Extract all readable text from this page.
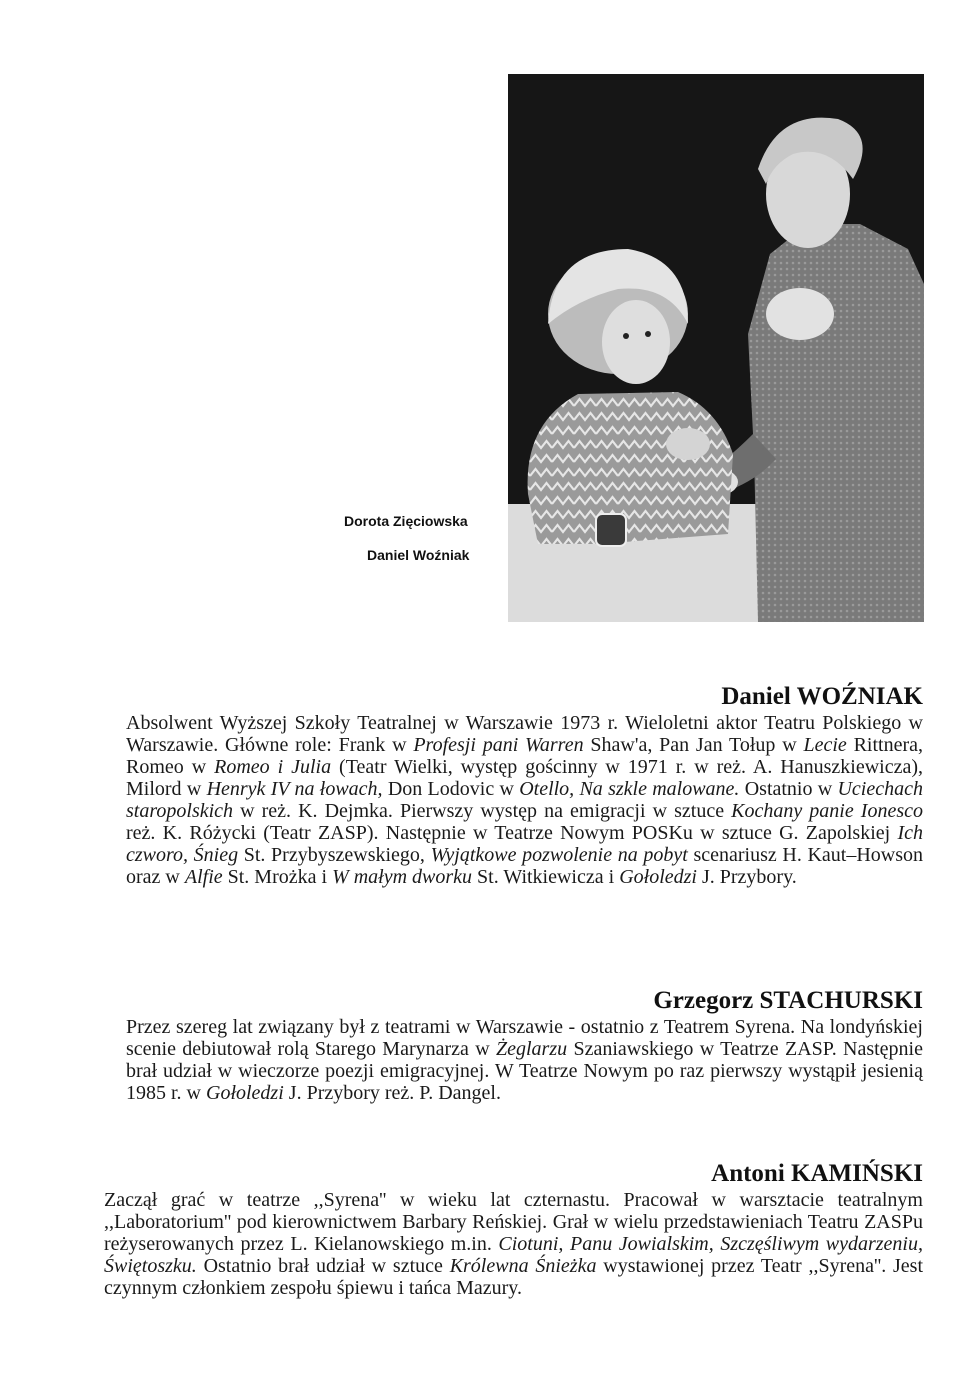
Dorota Zięciowska
Daniel Woźniak
Daniel WOŹNIAK

Absolwent Wyższej Szkoły Teatralnej w Warszawie 1973 r. Wieloletni aktor Teatru Polskiego w Warszawie. Główne role: Frank w Profesji pani Warren Shaw'a, Pan Jan Tołup w Lecie Rittnera, Romeo w Romeo i Julia (Teatr Wielki, występ gościnny w 1971 r. w reż. A. Hanuszkiewicza), Milord w Henryk IV na łowach, Don Lodovic w Otello, Na szkle malowane. Ostatnio w Uciechach staropolskich w reż. K. Dejmka. Pierwszy występ na emigracji w sztuce Kochany panie Ionesco reż. K. Różycki (Teatr ZASP). Następnie w Teatrze Nowym POSKu w sztuce G. Zapolskiej Ich czworo, Śnieg St. Przybyszewskiego, Wyjątkowe pozwolenie na pobyt scenariusz H. Kaut–Howson oraz w Alfie St. Mrożka i W małym dworku St. Witkiewicza i Gołoledzi J. Przybory.

Grzegorz STACHURSKI

Przez szereg lat związany był z teatrami w Warszawie - ostatnio z Teatrem Syrena. Na londyńskiej scenie debiutował rolą Starego Marynarza w Żeglarzu Szaniawskiego w Teatrze ZASP. Następnie brał udział w wieczorze poezji emigracyjnej. W Teatrze Nowym po raz pierwszy wystąpił jesienią 1985 r. w Gołoledzi J. Przybory reż. P. Dangel.

Antoni KAMIŃSKI

Zaczął grać w teatrze ,,Syrena'' w wieku lat czternastu. Pracował w warsztacie teatralnym ,,Laboratorium'' pod kierownictwem Barbary Reńskiej. Grał w wielu przedstawieniach Teatru ZASPu reżyserowanych przez L. Kielanowskiego m.in. Ciotuni, Panu Jowialskim, Szczęśliwym wydarzeniu, Świętoszku. Ostatnio brał udział w sztuce Królewna Śnieżka wystawionej przez Teatr ,,Syrena''. Jest czynnym członkiem zespołu śpiewu i tańca Mazury.
